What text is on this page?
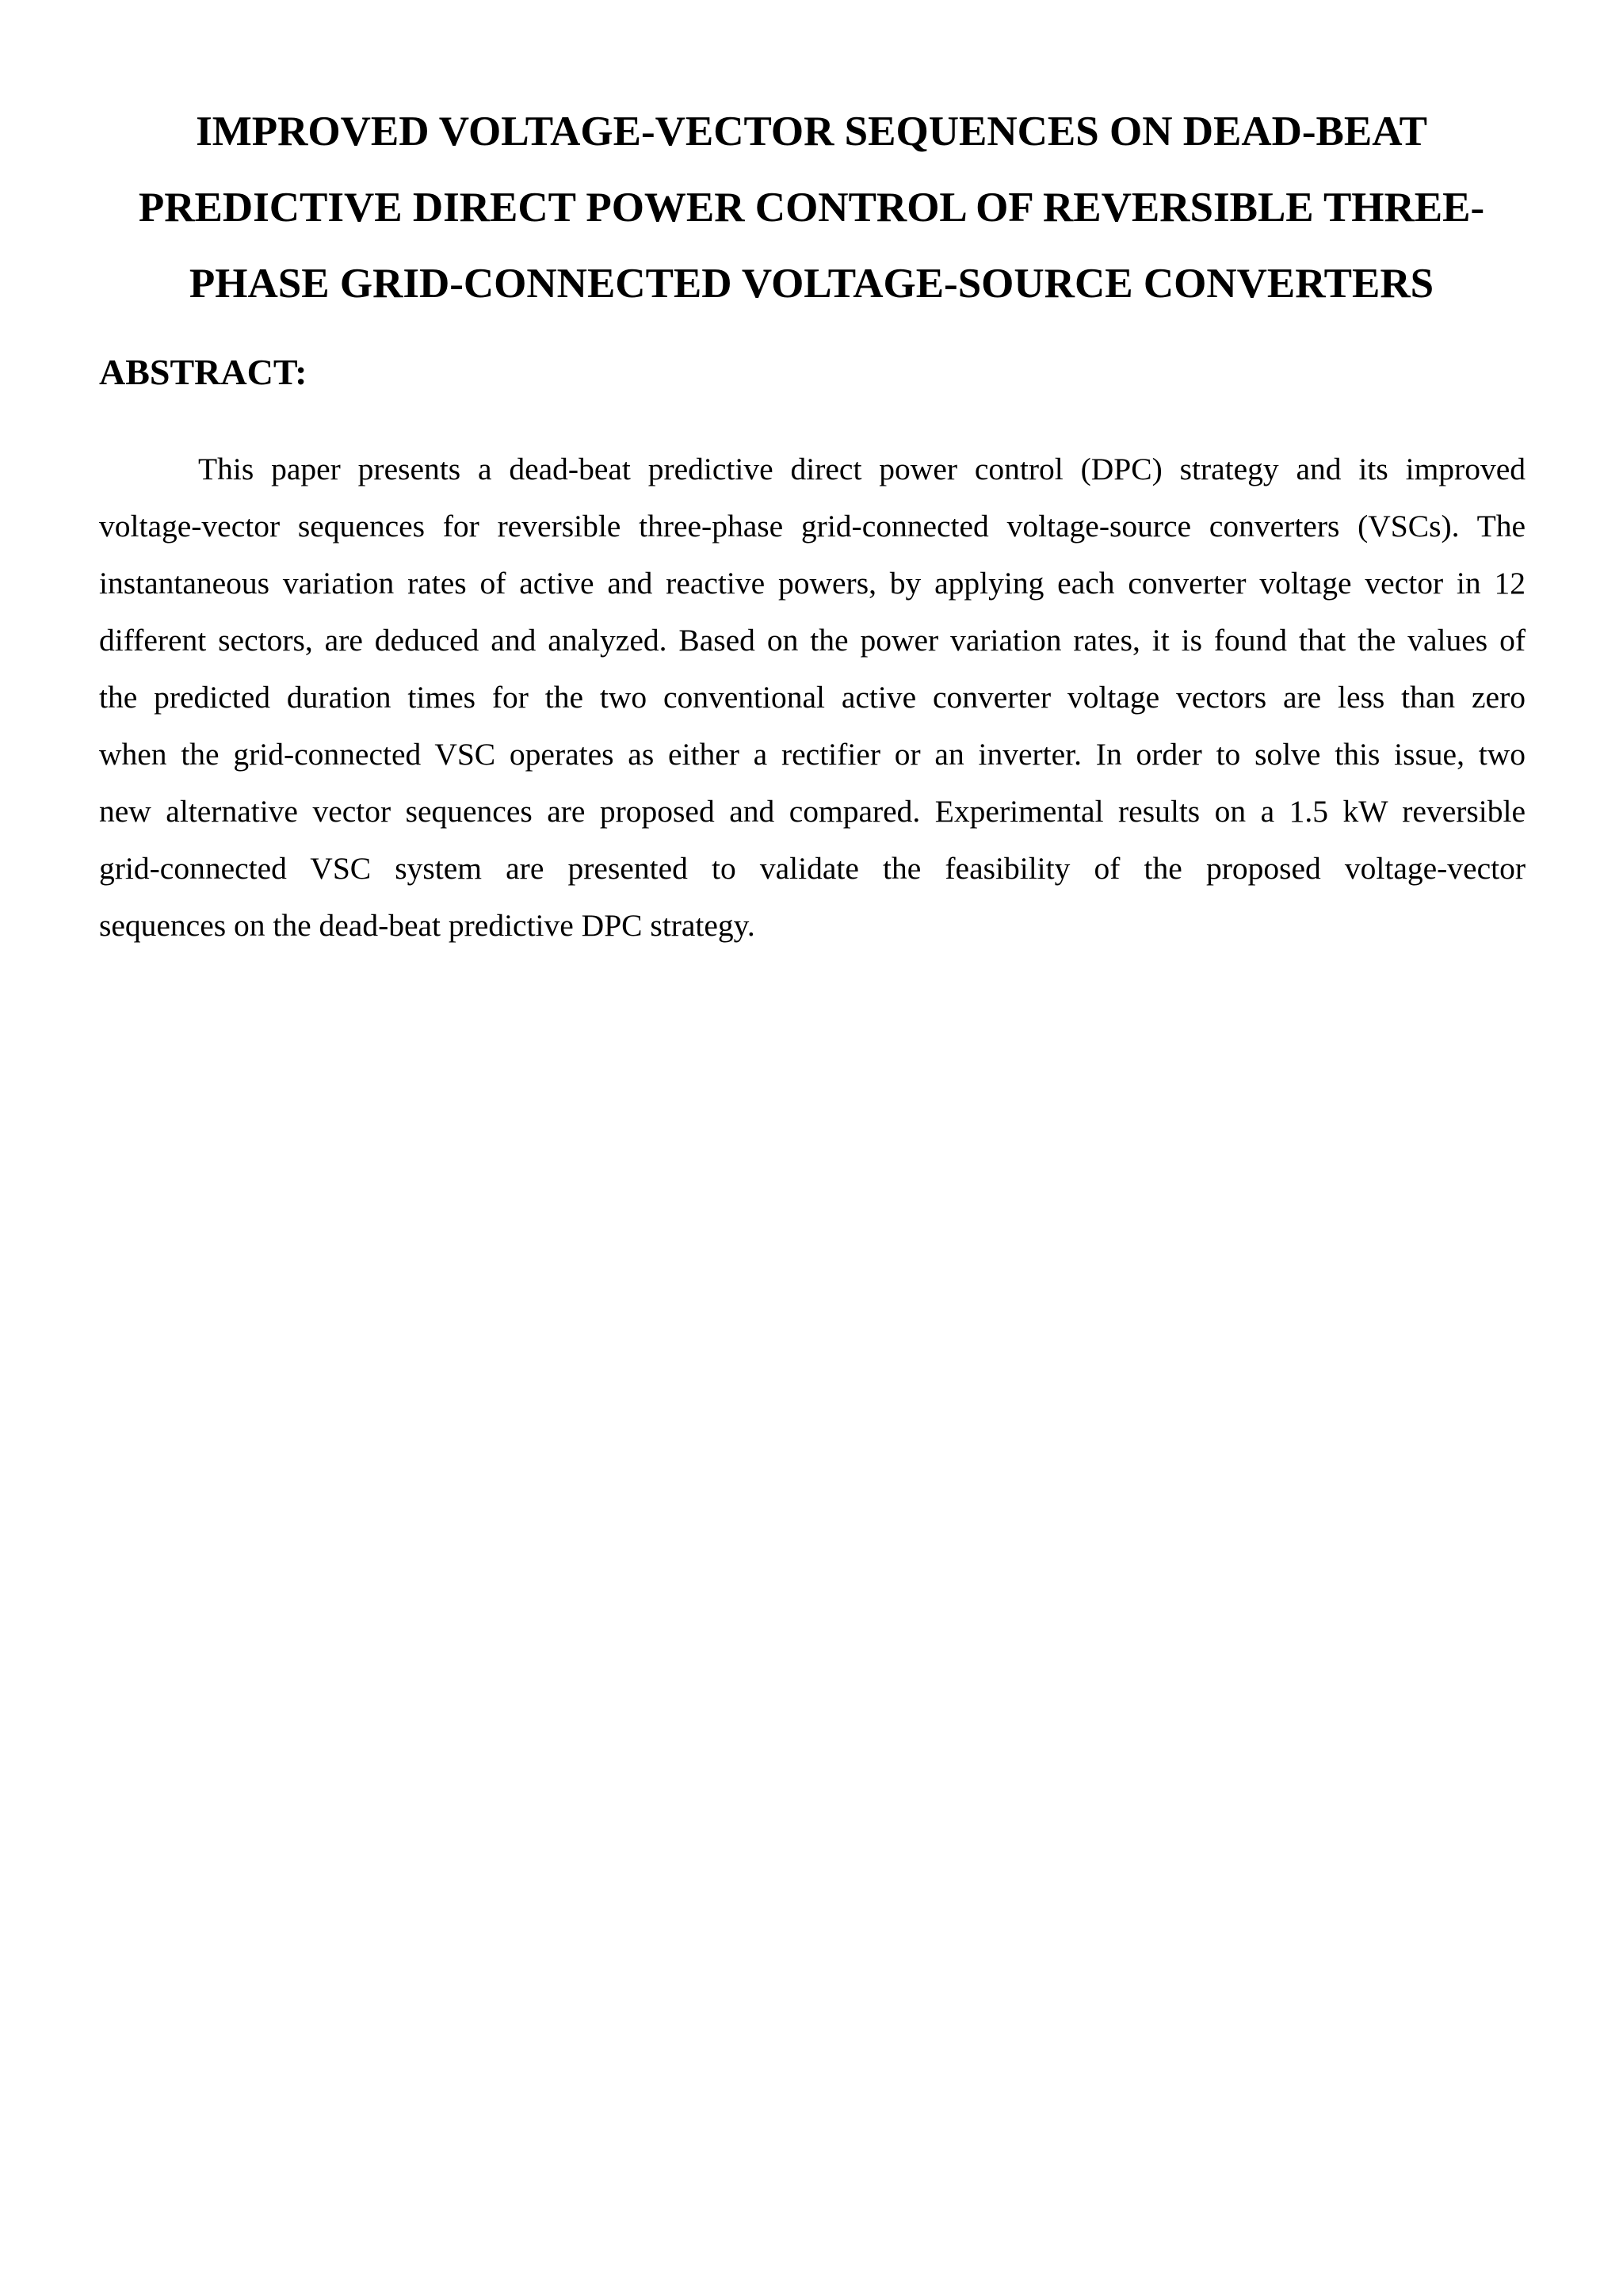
IMPROVED VOLTAGE-VECTOR SEQUENCES ON DEAD-BEAT
PREDICTIVE DIRECT POWER CONTROL OF REVERSIBLE THREE-
PHASE GRID-CONNECTED VOLTAGE-SOURCE CONVERTERS
ABSTRACT:
This paper presents a dead-beat predictive direct power control (DPC) strategy and its improved
voltage-vector sequences for reversible three-phase grid-connected voltage-source converters (VSCs). The
instantaneous variation rates of active and reactive powers, by applying each converter voltage vector in 12
different sectors, are deduced and analyzed. Based on the power variation rates, it is found that the values of
the predicted duration times for the two conventional active converter voltage vectors are less than zero
when the grid-connected VSC operates as either a rectifier or an inverter. In order to solve this issue, two
new alternative vector sequences are proposed and compared. Experimental results on a 1.5 kW reversible
grid-connected VSC system are presented to validate the feasibility of the proposed voltage-vector
sequences on the dead-beat predictive DPC strategy.
